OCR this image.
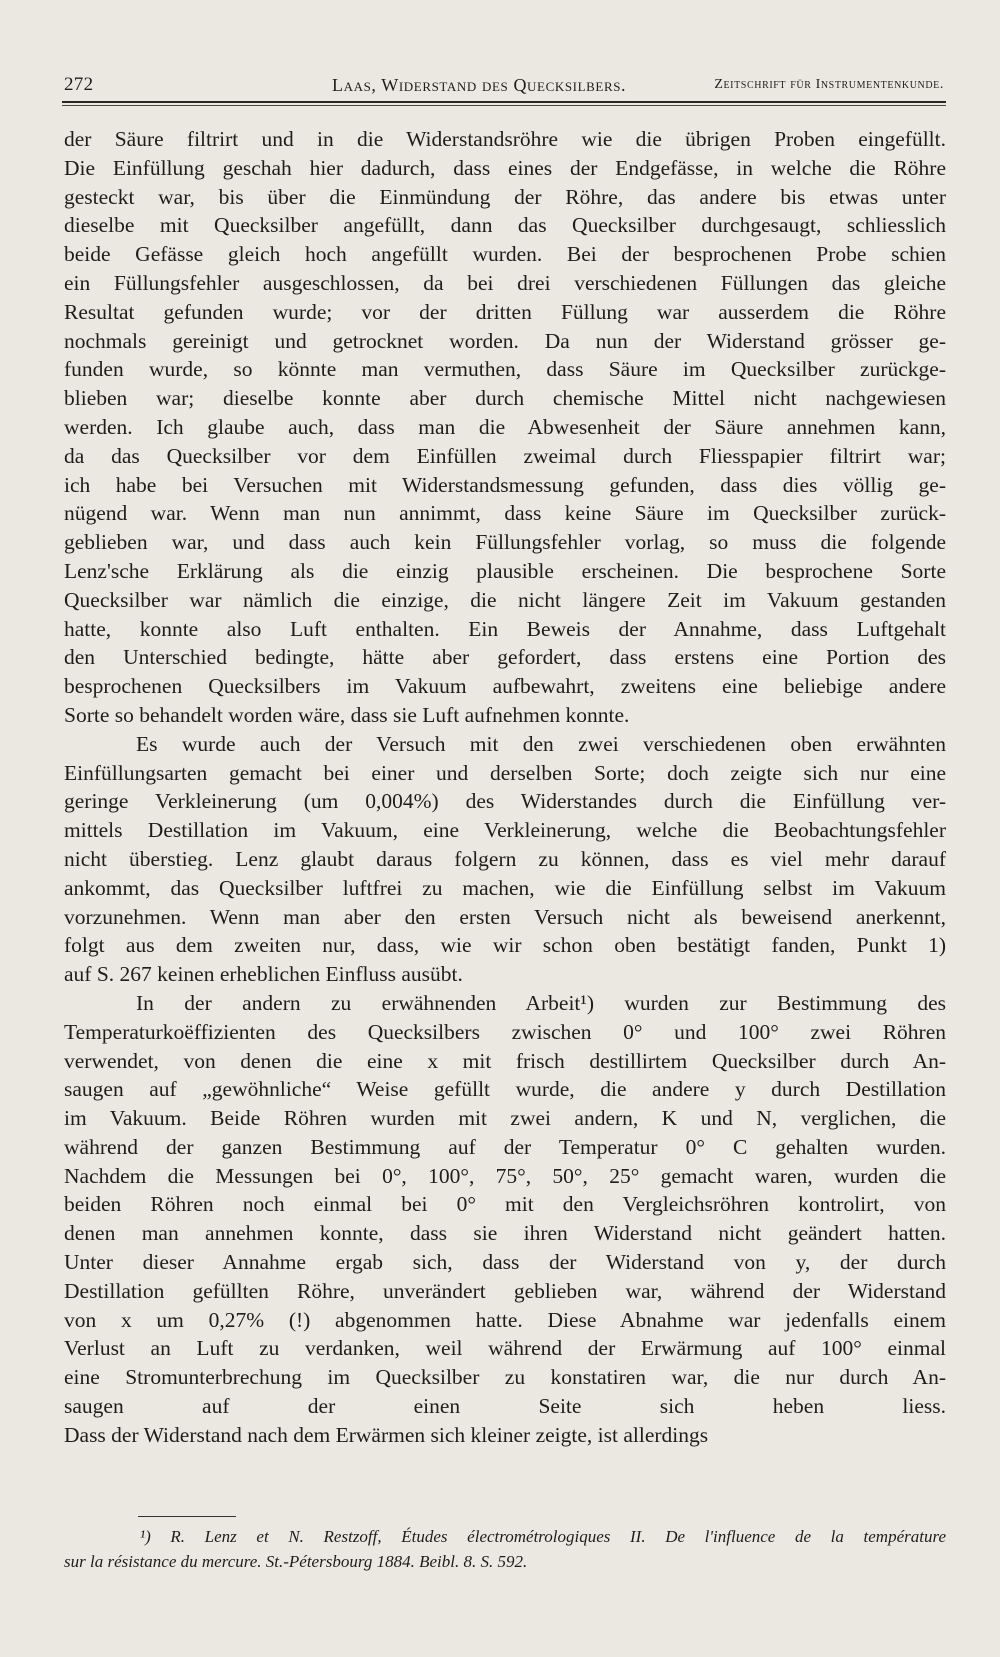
272	Laas, Widerstand des Quecksilbers.	Zeitschrift für Instrumentenkunde.
der Säure filtrirt und in die Widerstandsröhre wie die übrigen Proben eingefüllt.
Die Einfüllung geschah hier dadurch, dass eines der Endgefässe, in welche die Röhre
gesteckt war, bis über die Einmündung der Röhre, das andere bis etwas unter
dieselbe mit Quecksilber angefüllt, dann das Quecksilber durchgesaugt, schliesslich
beide Gefässe gleich hoch angefüllt wurden. Bei der besprochenen Probe schien
ein Füllungsfehler ausgeschlossen, da bei drei verschiedenen Füllungen das gleiche
Resultat gefunden wurde; vor der dritten Füllung war ausserdem die Röhre
nochmals gereinigt und getrocknet worden. Da nun der Widerstand grösser ge-
funden wurde, so könnte man vermuthen, dass Säure im Quecksilber zurückge-
blieben war; dieselbe konnte aber durch chemische Mittel nicht nachgewiesen
werden. Ich glaube auch, dass man die Abwesenheit der Säure annehmen kann,
da das Quecksilber vor dem Einfüllen zweimal durch Fliesspapier filtrirt war;
ich habe bei Versuchen mit Widerstandsmessung gefunden, dass dies völlig ge-
nügend war. Wenn man nun annimmt, dass keine Säure im Quecksilber zurück-
geblieben war, und dass auch kein Füllungsfehler vorlag, so muss die folgende
Lenz'sche Erklärung als die einzig plausible erscheinen. Die besprochene Sorte
Quecksilber war nämlich die einzige, die nicht längere Zeit im Vakuum gestanden
hatte, konnte also Luft enthalten. Ein Beweis der Annahme, dass Luftgehalt
den Unterschied bedingte, hätte aber gefordert, dass erstens eine Portion des
besprochenen Quecksilbers im Vakuum aufbewahrt, zweitens eine beliebige andere
Sorte so behandelt worden wäre, dass sie Luft aufnehmen konnte.
Es wurde auch der Versuch mit den zwei verschiedenen oben erwähnten
Einfüllungsarten gemacht bei einer und derselben Sorte; doch zeigte sich nur eine
geringe Verkleinerung (um 0,004%) des Widerstandes durch die Einfüllung ver-
mittels Destillation im Vakuum, eine Verkleinerung, welche die Beobachtungsfehler
nicht überstieg. Lenz glaubt daraus folgern zu können, dass es viel mehr darauf
ankommt, das Quecksilber luftfrei zu machen, wie die Einfüllung selbst im Vakuum
vorzunehmen. Wenn man aber den ersten Versuch nicht als beweisend anerkennt,
folgt aus dem zweiten nur, dass, wie wir schon oben bestätigt fanden, Punkt 1)
auf S. 267 keinen erheblichen Einfluss ausübt.
In der andern zu erwähnenden Arbeit¹) wurden zur Bestimmung des
Temperaturkoëffizienten des Quecksilbers zwischen 0° und 100° zwei Röhren
verwendet, von denen die eine x mit frisch destillirtem Quecksilber durch An-
saugen auf „gewöhnliche“ Weise gefüllt wurde, die andere y durch Destillation
im Vakuum. Beide Röhren wurden mit zwei andern, K und N, verglichen, die
während der ganzen Bestimmung auf der Temperatur 0° C gehalten wurden.
Nachdem die Messungen bei 0°, 100°, 75°, 50°, 25° gemacht waren, wurden die
beiden Röhren noch einmal bei 0° mit den Vergleichsröhren kontrolirt, von
denen man annehmen konnte, dass sie ihren Widerstand nicht geändert hatten.
Unter dieser Annahme ergab sich, dass der Widerstand von y, der durch
Destillation gefüllten Röhre, unverändert geblieben war, während der Widerstand
von x um 0,27% (!) abgenommen hatte. Diese Abnahme war jedenfalls einem
Verlust an Luft zu verdanken, weil während der Erwärmung auf 100° einmal
eine Stromunterbrechung im Quecksilber zu konstatiren war, die nur durch An-
saugen auf der einen Seite sich heben liess.
Dass der Widerstand nach dem Erwärmen sich kleiner zeigte, ist allerdings
¹) R. Lenz et N. Restzoff, Études électrométrologiques II. De l'influence de la température
sur la résistance du mercure. St.-Pétersbourg 1884. Beibl. 8. S. 592.
